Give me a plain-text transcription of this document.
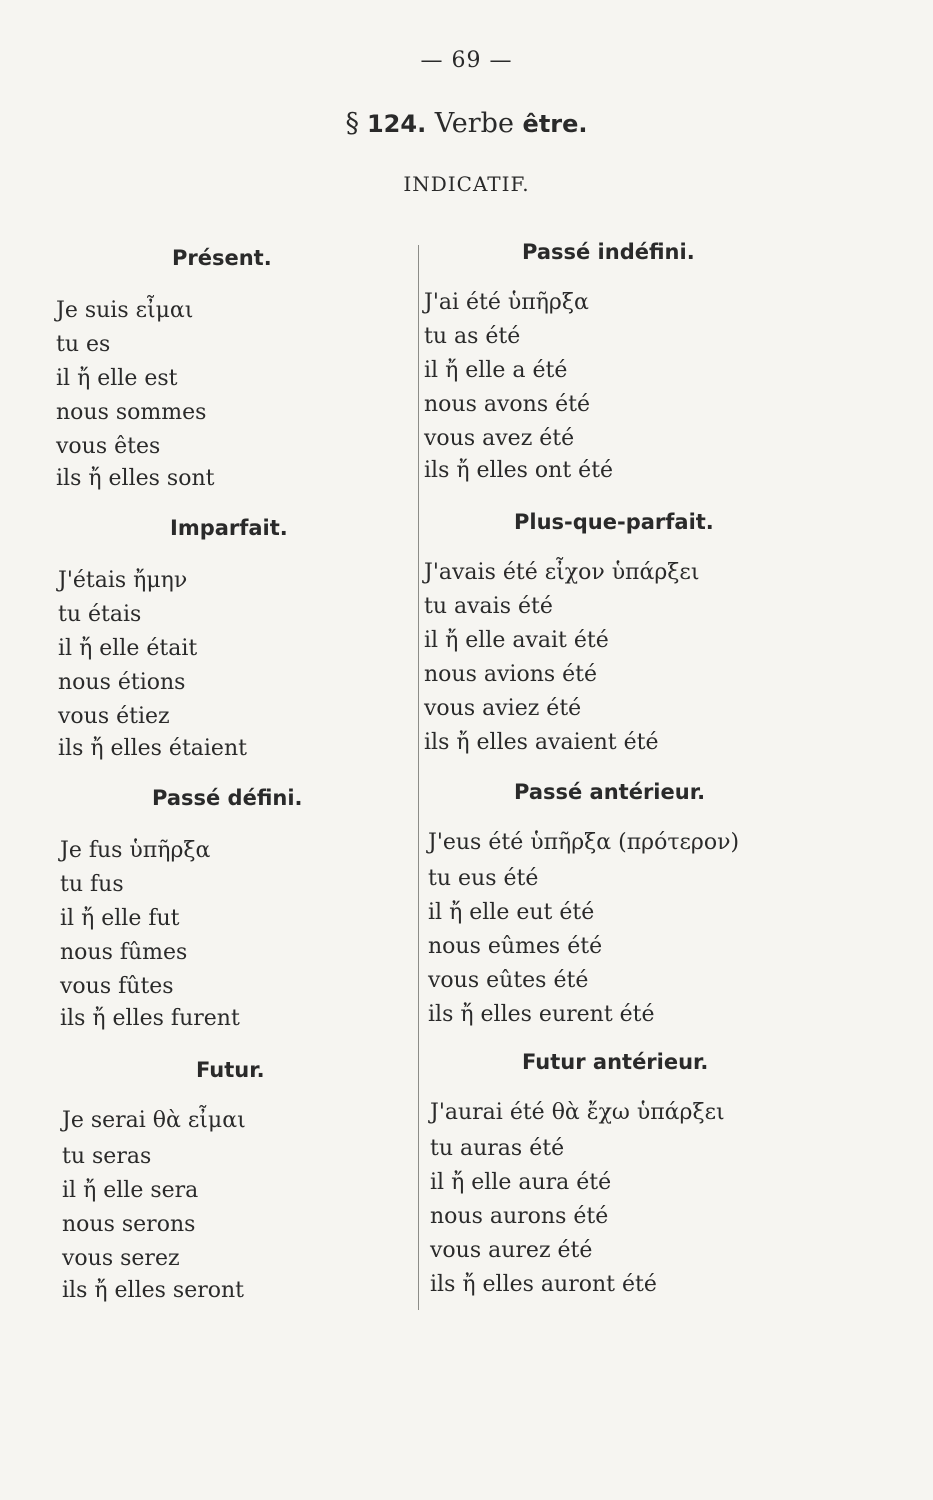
— 69 —
§ 124. Verbe être.
INDICATIF.
Présent.
Je suis εἶμαι
tu es
il ἤ elle est
nous sommes
vous êtes
ils ἤ elles sont
Passé indéfini.
J'ai été ὑπῆρξα
tu as été
il ἤ elle a été
nous avons été
vous avez été
ils ἤ elles ont été
Imparfait.
J'étais ἤμην
tu étais
il ἤ elle était
nous étions
vous étiez
ils ἤ elles étaient
Plus-que-parfait.
J'avais été εἶχον ὑπάρξει
tu avais été
il ἤ elle avait été
nous avions été
vous aviez été
ils ἤ elles avaient été
Passé défini.
Je fus ὑπῆρξα
tu fus
il ἤ elle fut
nous fûmes
vous fûtes
ils ἤ elles furent
Passé antérieur.
J'eus été ὑπῆρξα (πρότερον)
tu eus été
il ἤ elle eut été
nous eûmes été
vous eûtes été
ils ἤ elles eurent été
Futur.
Je serai θὰ εἶμαι
tu seras
il ἤ elle sera
nous serons
vous serez
ils ἤ elles seront
Futur antérieur.
J'aurai été θὰ ἔχω ὑπάρξει
tu auras été
il ἤ elle aura été
nous aurons été
vous aurez été
ils ἤ elles auront été
